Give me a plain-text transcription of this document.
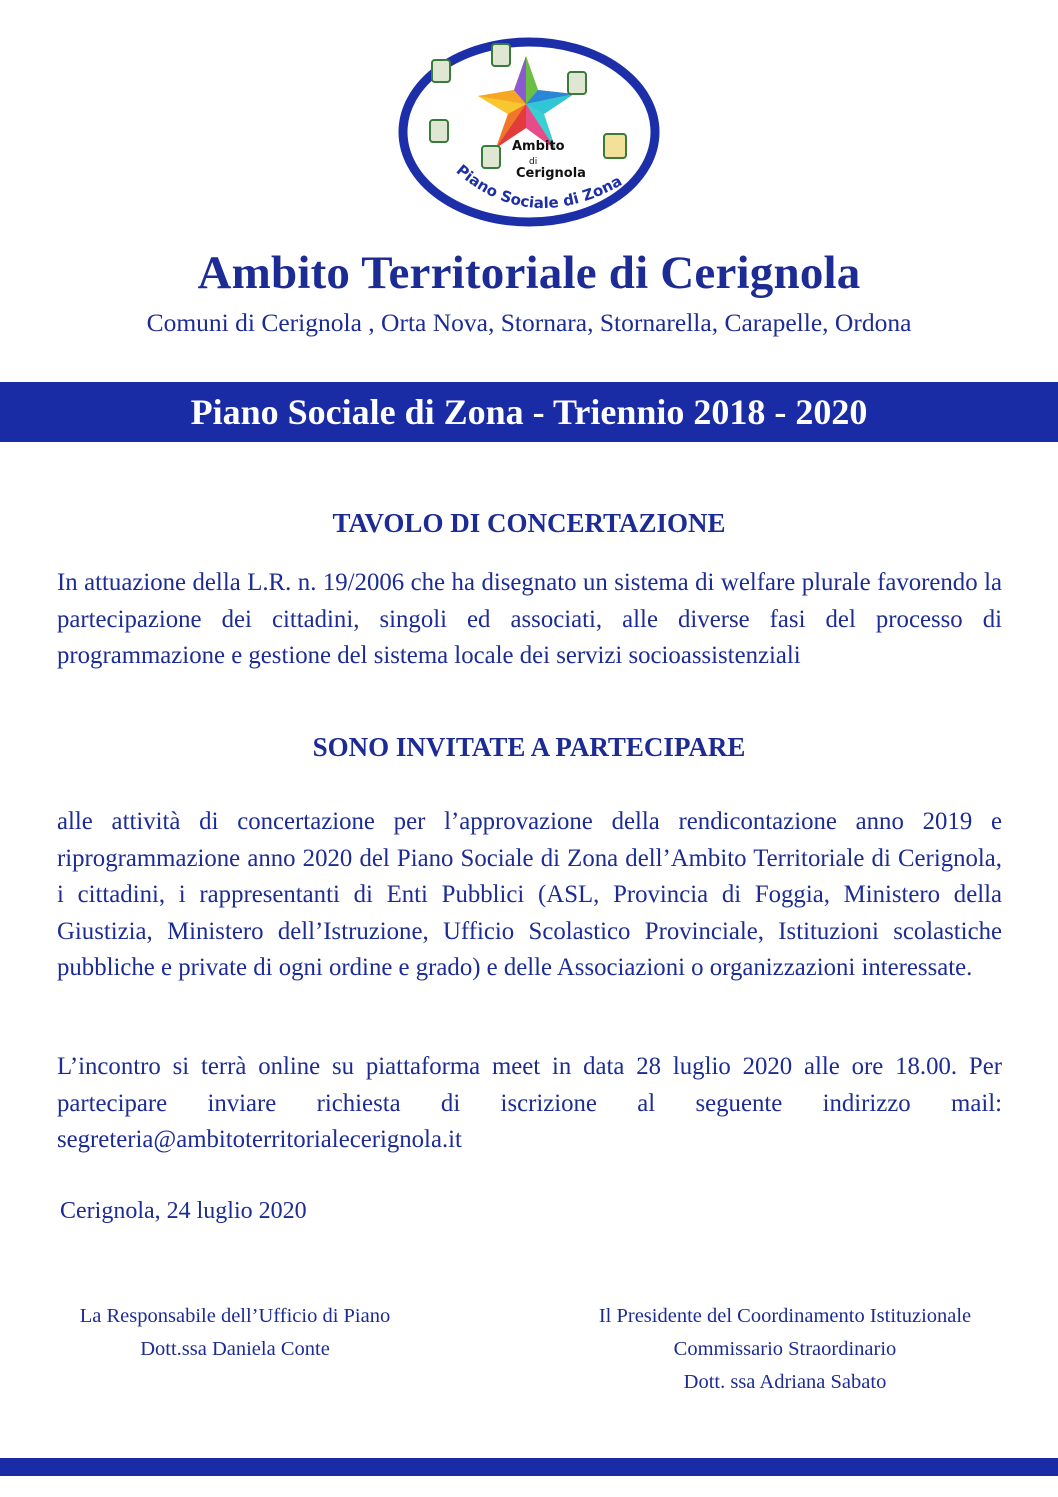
Piano Sociale di Zona
Ambito
di
Cerignola
Ambito Territoriale di Cerignola
Comuni di Cerignola , Orta Nova, Stornara, Stornarella, Carapelle, Ordona
Piano Sociale di Zona - Triennio 2018 - 2020
TAVOLO DI CONCERTAZIONE
In attuazione della L.R. n. 19/2006 che ha disegnato un sistema di welfare plurale favorendo la partecipazione dei cittadini, singoli ed associati, alle diverse fasi del processo di programmazione e gestione del sistema locale dei servizi socioassistenziali
SONO INVITATE A PARTECIPARE
alle attività di concertazione per l’approvazione della rendicontazione anno 2019 e riprogrammazione anno 2020 del Piano Sociale di Zona dell’Ambito Territoriale di Cerignola, i cittadini, i rappresentanti di Enti Pubblici (ASL, Provincia di Foggia, Ministero della Giustizia, Ministero dell’Istruzione, Ufficio Scolastico Provinciale, Istituzioni scolastiche pubbliche e private di ogni ordine e grado) e delle Associazioni o organizzazioni interessate.
L’incontro si terrà online su piattaforma meet in data 28 luglio 2020 alle ore 18.00. Per partecipare inviare richiesta di iscrizione al seguente indirizzo mail: segreteria@ambitoterritorialecerignola.it
Cerignola, 24 luglio 2020
La Responsabile dell’Ufficio di Piano
Dott.ssa Daniela Conte
Il Presidente del Coordinamento Istituzionale
Commissario Straordinario
Dott. ssa Adriana Sabato
